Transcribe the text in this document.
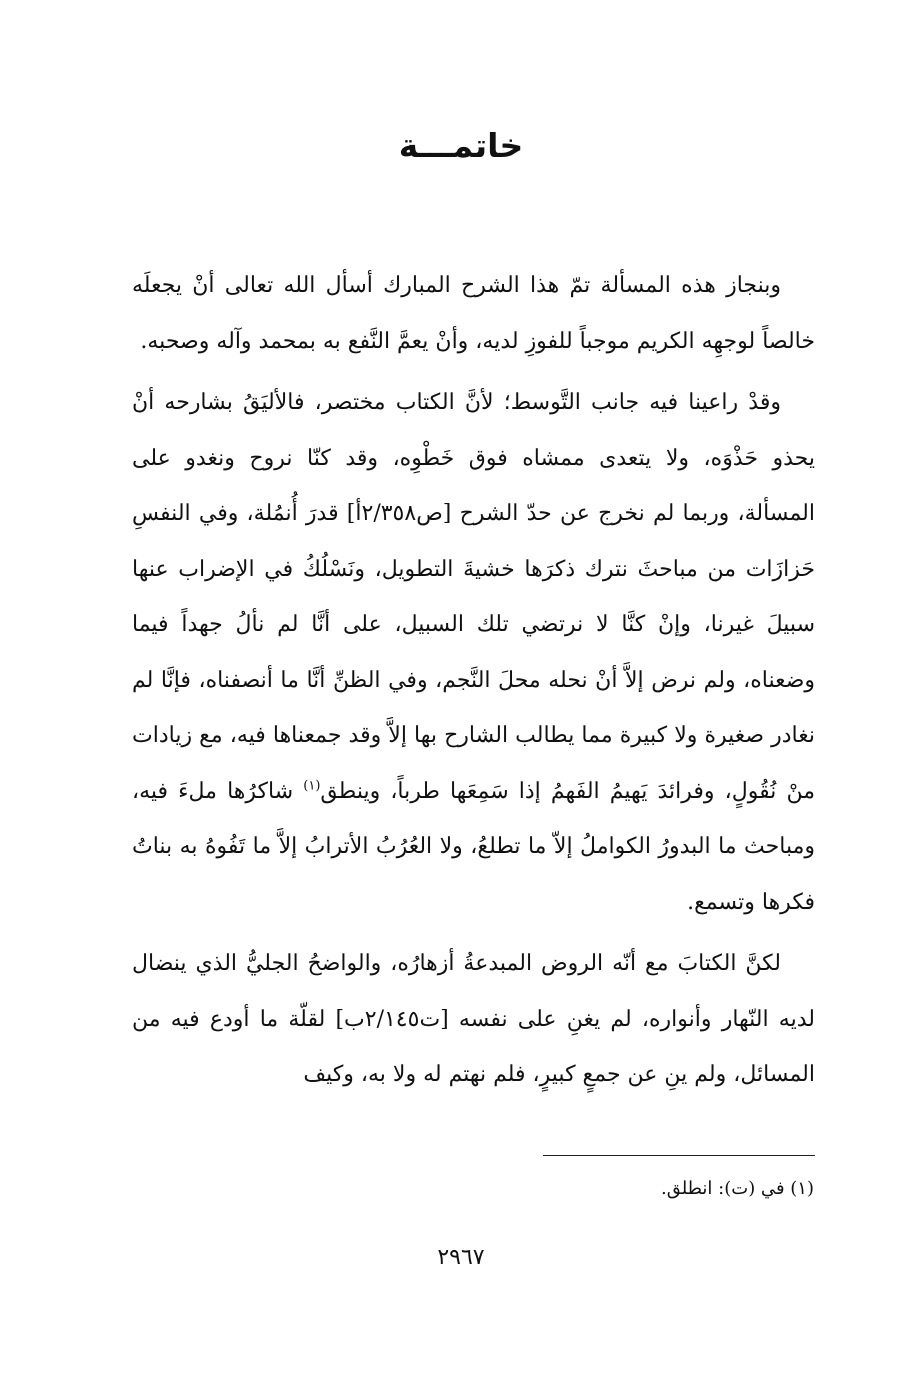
خاتمـــة

وبنجاز هذه المسألة تمّ هذا الشرح المبارك أسأل الله تعالى أنْ يجعلَه خالصاً لوجهِه الكريم موجباً للفوزِ لديه، وأنْ يعمَّ النَّفع به بمحمد وآله وصحبه.

وقدْ راعينا فيه جانب التَّوسط؛ لأنَّ الكتاب مختصر، فالأليَقُ بشارحه أنْ يحذو حَذْوَه، ولا يتعدى ممشاه فوق خَطْوِه، وقد كنّا نروح ونغدو على المسألة، وربما لم نخرج عن حدّ الشرح [ص٢/٣٥٨أ] قدرَ أُنمُلة، وفي النفسِ حَزازَات من مباحثَ نترك ذكرَها خشيةَ التطويل، ونَسْلُكُ في الإضراب عنها سبيلَ غيرنا، وإنْ كنَّا لا نرتضي تلك السبيل، على أنَّا لم نألُ جهداً فيما وضعناه، ولم نرض إلاَّ أنْ نحله محلَ النَّجم، وفي الظنِّ أنَّا ما أنصفناه، فإنَّا لم نغادر صغيرة ولا كبيرة مما يطالب الشارح بها إلاَّ وقد جمعناها فيه، مع زيادات منْ نُقُولٍ، وفرائدَ يَهيمُ الفَهمُ إذا سَمِعَها طرباً، وينطق$^{(١)}$ شاكرُها ملءَ فيه، ومباحث ما البدورُ الكواملُ إلاّ ما تطلعُ، ولا العُرُبُ الأترابُ إلاَّ ما تَفُوهُ به بناتُ فكرها وتسمع.

لكنَّ الكتابَ مع أنّه الروض المبدعةُ أزهارُه، والواضحُ الجليُّ الذي ينضال لديه النّهار وأنواره، لم يغنِ على نفسه [ت٢/١٤٥ب] لقلّة ما أودع فيه من المسائل، ولم ينِ عن جمعٍ كبيرٍ، فلم نهتم له ولا به، وكيف

(١) في (ت): انطلق.
٢٩٦٧
